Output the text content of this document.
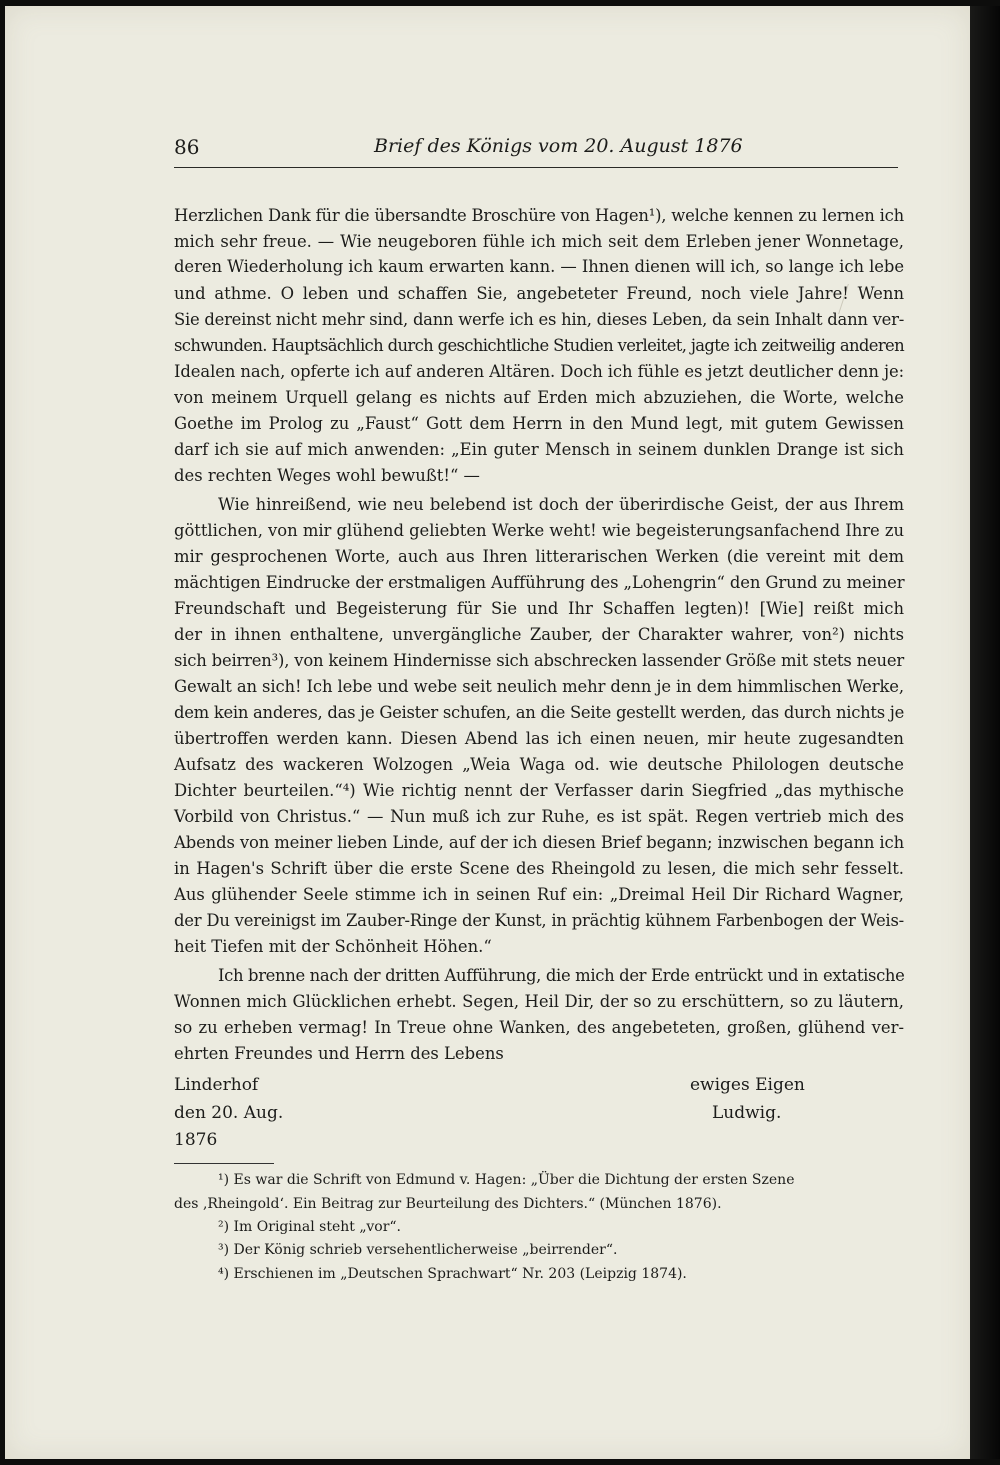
86	Brief des Königs vom 20. August 1876
Herzlichen Dank für die übersandte Broschüre von Hagen¹), welche kennen zu lernen ich
mich sehr freue. — Wie neugeboren fühle ich mich seit dem Erleben jener Wonnetage,
deren Wiederholung ich kaum erwarten kann. — Ihnen dienen will ich, so lange ich lebe
und athme. O leben und schaffen Sie, angebeteter Freund, noch viele Jahre! Wenn
Sie dereinst nicht mehr sind, dann werfe ich es hin, dieses Leben, da sein Inhalt dann ver-
schwunden. Hauptsächlich durch geschichtliche Studien verleitet, jagte ich zeitweilig anderen
Idealen nach, opferte ich auf anderen Altären. Doch ich fühle es jetzt deutlicher denn je:
von meinem Urquell gelang es nichts auf Erden mich abzuziehen, die Worte, welche
Goethe im Prolog zu „Faust“ Gott dem Herrn in den Mund legt, mit gutem Gewissen
darf ich sie auf mich anwenden: „Ein guter Mensch in seinem dunklen Drange ist sich
des rechten Weges wohl bewußt!“ —
Wie hinreißend, wie neu belebend ist doch der überirdische Geist, der aus Ihrem
göttlichen, von mir glühend geliebten Werke weht! wie begeisterungsanfachend Ihre zu
mir gesprochenen Worte, auch aus Ihren litterarischen Werken (die vereint mit dem
mächtigen Eindrucke der erstmaligen Aufführung des „Lohengrin“ den Grund zu meiner
Freundschaft und Begeisterung für Sie und Ihr Schaffen legten)! [Wie] reißt mich
der in ihnen enthaltene, unvergängliche Zauber, der Charakter wahrer, von²) nichts
sich beirren³), von keinem Hindernisse sich abschrecken lassender Größe mit stets neuer
Gewalt an sich! Ich lebe und webe seit neulich mehr denn je in dem himmlischen Werke,
dem kein anderes, das je Geister schufen, an die Seite gestellt werden, das durch nichts je
übertroffen werden kann. Diesen Abend las ich einen neuen, mir heute zugesandten
Aufsatz des wackeren Wolzogen „Weia Waga od. wie deutsche Philologen deutsche
Dichter beurteilen.“⁴) Wie richtig nennt der Verfasser darin Siegfried „das mythische
Vorbild von Christus.“ — Nun muß ich zur Ruhe, es ist spät. Regen vertrieb mich des
Abends von meiner lieben Linde, auf der ich diesen Brief begann; inzwischen begann ich
in Hagen's Schrift über die erste Scene des Rheingold zu lesen, die mich sehr fesselt.
Aus glühender Seele stimme ich in seinen Ruf ein: „Dreimal Heil Dir Richard Wagner,
der Du vereinigst im Zauber-Ringe der Kunst, in prächtig kühnem Farbenbogen der Weis-
heit Tiefen mit der Schönheit Höhen.“
Ich brenne nach der dritten Aufführung, die mich der Erde entrückt und in extatische
Wonnen mich Glücklichen erhebt. Segen, Heil Dir, der so zu erschüttern, so zu läutern,
so zu erheben vermag! In Treue ohne Wanken, des angebeteten, großen, glühend ver-
ehrten Freundes und Herrn des Lebens
Linderhof
den 20. Aug.
1876
ewiges Eigen
Ludwig.
¹) Es war die Schrift von Edmund v. Hagen: „Über die Dichtung der ersten Szene
des ‚Rheingold‘. Ein Beitrag zur Beurteilung des Dichters.“ (München 1876).
²) Im Original steht „vor“.
³) Der König schrieb versehentlicherweise „beirrender“.
⁴) Erschienen im „Deutschen Sprachwart“ Nr. 203 (Leipzig 1874).
